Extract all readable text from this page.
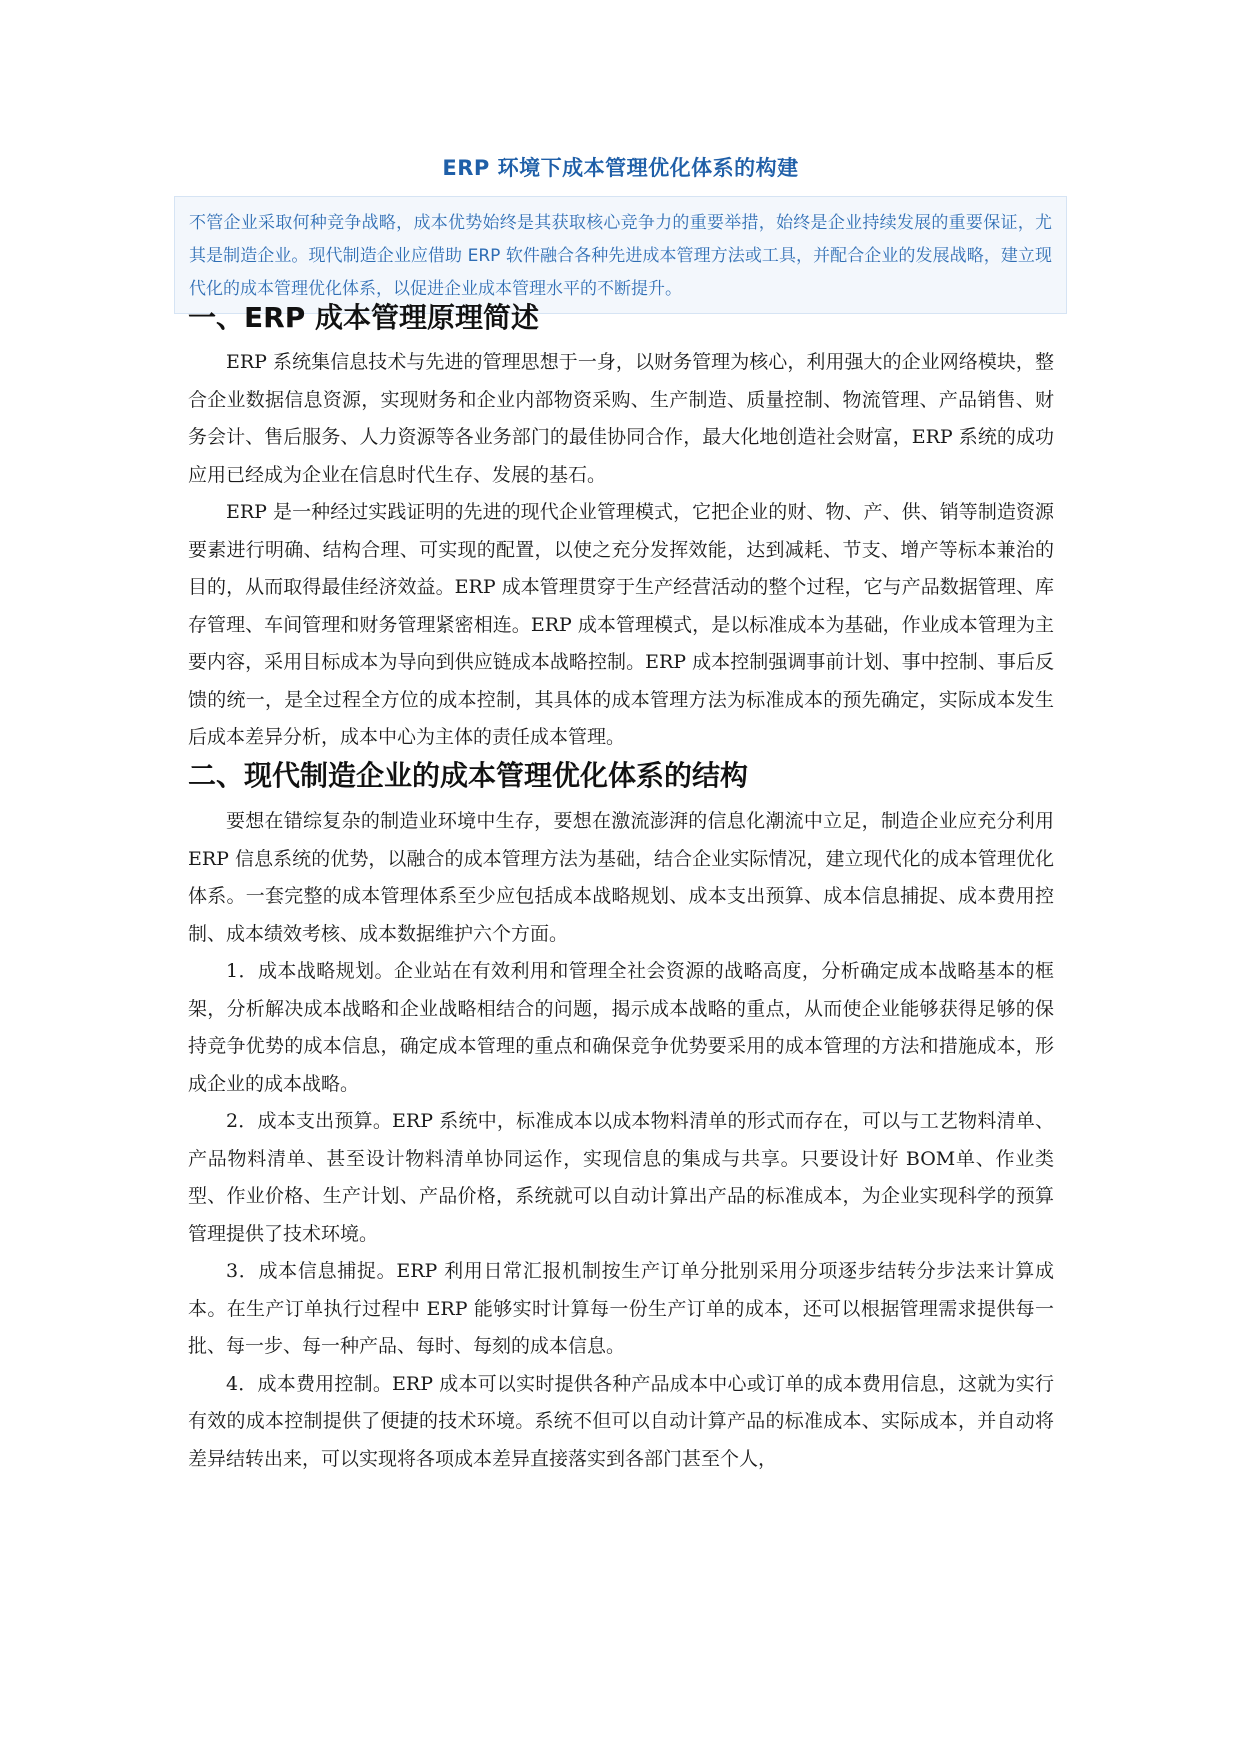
ERP 环境下成本管理优化体系的构建

不管企业采取何种竞争战略，成本优势始终是其获取核心竞争力的重要举措，始终是企业持续发展的重要保证，尤其是制造企业。现代制造企业应借助 ERP 软件融合各种先进成本管理方法或工具，并配合企业的发展战略，建立现代化的成本管理优化体系，以促进企业成本管理水平的不断提升。

一、ERP 成本管理原理简述

ERP 系统集信息技术与先进的管理思想于一身，以财务管理为核心，利用强大的企业网络模块，整合企业数据信息资源，实现财务和企业内部物资采购、生产制造、质量控制、物流管理、产品销售、财务会计、售后服务、人力资源等各业务部门的最佳协同合作，最大化地创造社会财富，ERP 系统的成功应用已经成为企业在信息时代生存、发展的基石。

ERP 是一种经过实践证明的先进的现代企业管理模式，它把企业的财、物、产、供、销等制造资源要素进行明确、结构合理、可实现的配置，以使之充分发挥效能，达到减耗、节支、增产等标本兼治的目的，从而取得最佳经济效益。ERP 成本管理贯穿于生产经营活动的整个过程，它与产品数据管理、库存管理、车间管理和财务管理紧密相连。ERP 成本管理模式，是以标准成本为基础，作业成本管理为主要内容，采用目标成本为导向到供应链成本战略控制。ERP 成本控制强调事前计划、事中控制、事后反馈的统一，是全过程全方位的成本控制，其具体的成本管理方法为标准成本的预先确定，实际成本发生后成本差异分析，成本中心为主体的责任成本管理。

二、现代制造企业的成本管理优化体系的结构

要想在错综复杂的制造业环境中生存，要想在激流澎湃的信息化潮流中立足，制造企业应充分利用 ERP 信息系统的优势，以融合的成本管理方法为基础，结合企业实际情况，建立现代化的成本管理优化体系。一套完整的成本管理体系至少应包括成本战略规划、成本支出预算、成本信息捕捉、成本费用控制、成本绩效考核、成本数据维护六个方面。

1．成本战略规划。企业站在有效利用和管理全社会资源的战略高度，分析确定成本战略基本的框架，分析解决成本战略和企业战略相结合的问题，揭示成本战略的重点，从而使企业能够获得足够的保持竞争优势的成本信息，确定成本管理的重点和确保竞争优势要采用的成本管理的方法和措施成本，形成企业的成本战略。

2．成本支出预算。ERP 系统中，标准成本以成本物料清单的形式而存在，可以与工艺物料清单、产品物料清单、甚至设计物料清单协同运作，实现信息的集成与共享。只要设计好 BOM单、作业类型、作业价格、生产计划、产品价格，系统就可以自动计算出产品的标准成本，为企业实现科学的预算管理提供了技术环境。

3．成本信息捕捉。ERP 利用日常汇报机制按生产订单分批别采用分项逐步结转分步法来计算成本。在生产订单执行过程中 ERP 能够实时计算每一份生产订单的成本，还可以根据管理需求提供每一批、每一步、每一种产品、每时、每刻的成本信息。

4．成本费用控制。ERP 成本可以实时提供各种产品成本中心或订单的成本费用信息，这就为实行有效的成本控制提供了便捷的技术环境。系统不但可以自动计算产品的标准成本、实际成本，并自动将差异结转出来，可以实现将各项成本差异直接落实到各部门甚至个人，
